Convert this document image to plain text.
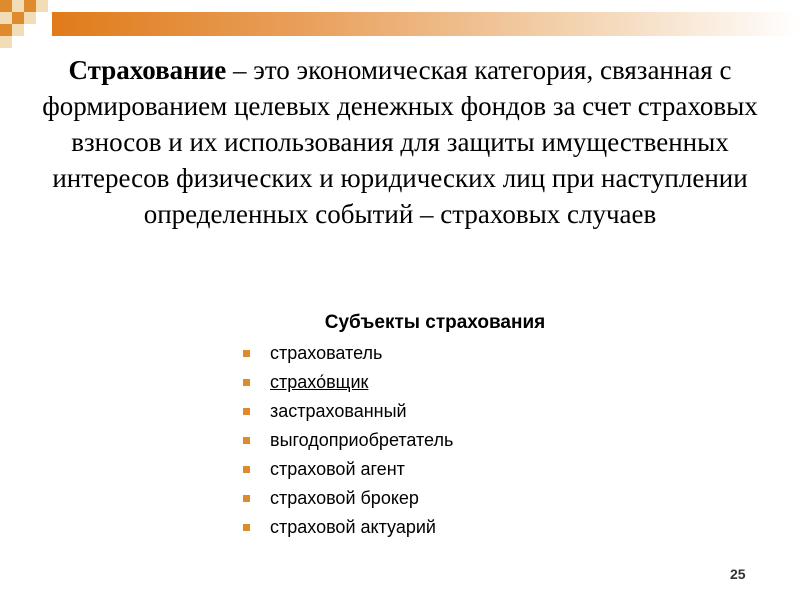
Страхование – это экономическая категория, связанная с формированием целевых денежных фондов за счет страховых взносов и их использования для защиты имущественных интересов физических и юридических лиц при наступлении определенных событий – страховых случаев
Субъекты страхования
страхователь
страхо́вщик
застрахованный
выгодоприобретатель
страховой агент
страховой брокер
страховой актуарий
25
